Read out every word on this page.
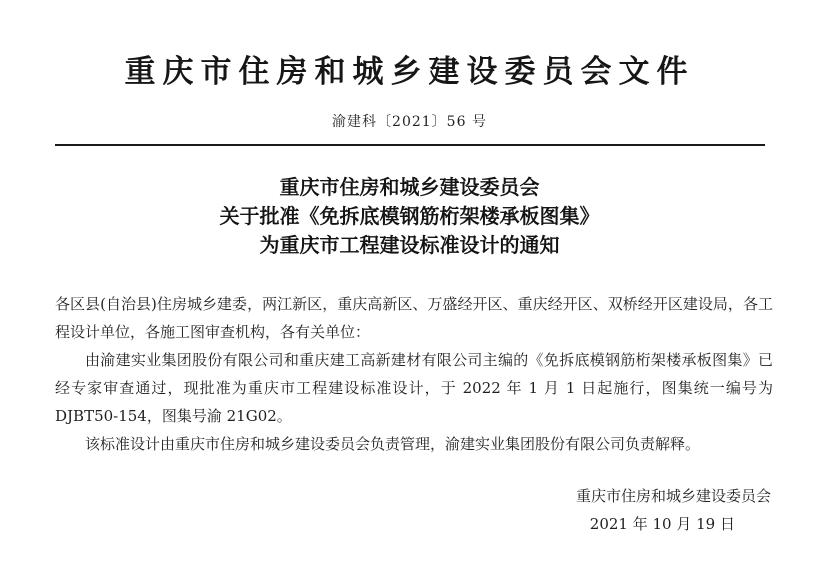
重庆市住房和城乡建设委员会文件
渝建科〔2021〕56 号
重庆市住房和城乡建设委员会
关于批准《免拆底模钢筋桁架楼承板图集》
为重庆市工程建设标准设计的通知

各区县(自治县)住房城乡建委，两江新区，重庆高新区、万盛经开区、重庆经开区、双桥经开区建设局，各工程设计单位，各施工图审查机构，各有关单位：

由渝建实业集团股份有限公司和重庆建工高新建材有限公司主编的《免拆底模钢筋桁架楼承板图集》已经专家审查通过，现批准为重庆市工程建设标准设计，于 2022 年 1 月 1 日起施行，图集统一编号为 DJBT50-154，图集号渝 21G02。

该标准设计由重庆市住房和城乡建设委员会负责管理，渝建实业集团股份有限公司负责解释。

重庆市住房和城乡建设委员会
2021 年 10 月 19 日
